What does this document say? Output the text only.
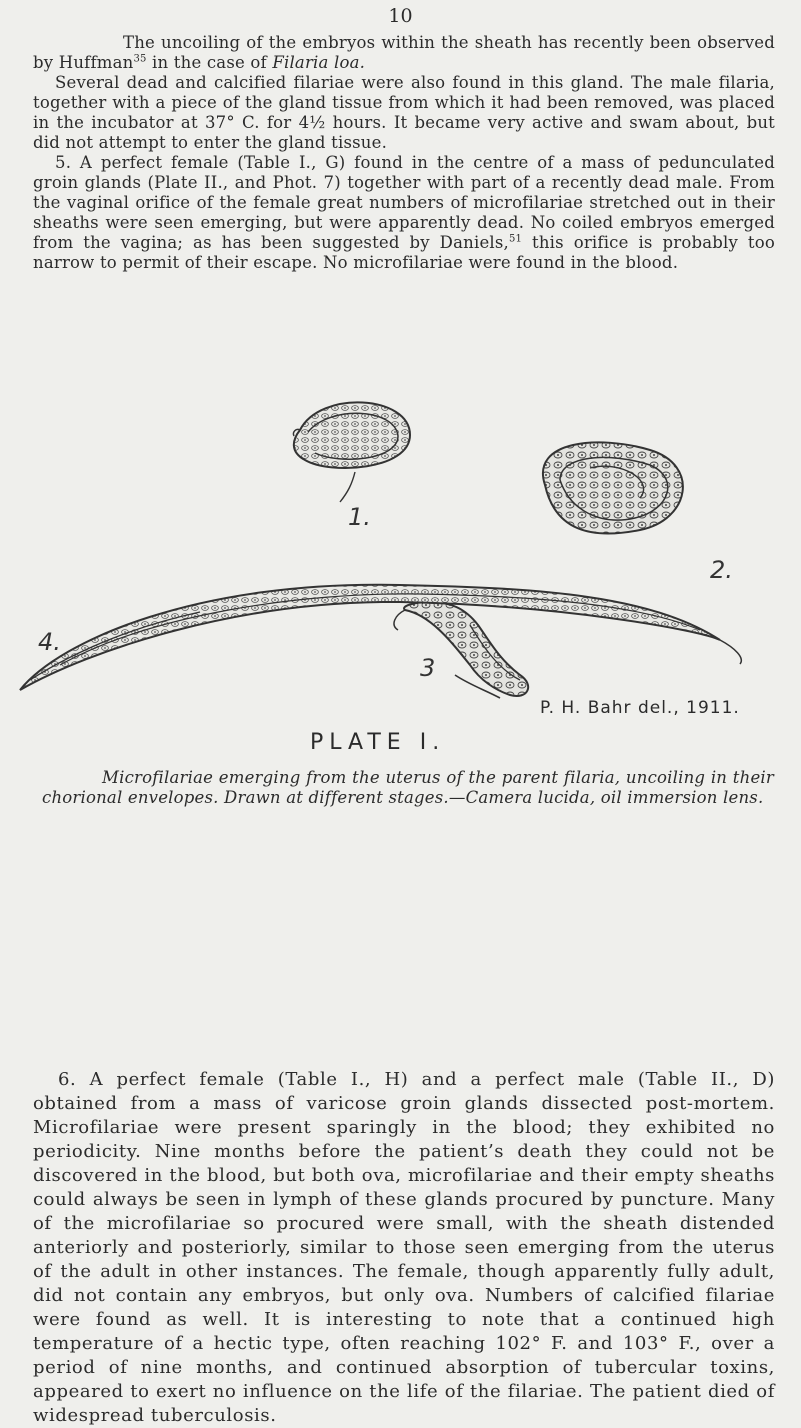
10

The uncoiling of the embryos within the sheath has recently been observed by Huffman$^{35}$ in the case of Filaria loa.

Several dead and calcified filariae were also found in this gland. The male filaria, together with a piece of the gland tissue from which it had been removed, was placed in the incubator at 37° C. for 4½ hours. It became very active and swam about, but did not attempt to enter the gland tissue.

5. A perfect female (Table I., G) found in the centre of a mass of pedunculated groin glands (Plate II., and Phot. 7) together with part of a recently dead male. From the vaginal orifice of the female great numbers of microfilariae stretched out in their sheaths were seen emerging, but were apparently dead. No coiled embryos emerged from the vagina; as has been suggested by Daniels,$^{51}$ this orifice is probably too narrow to permit of their escape. No microfilariae were found in the blood.

1.
2.
3
4.
P. H. Bahr del., 1911.
PLATE I.
Microfilariae emerging from the uterus of the parent filaria, uncoiling in their chorional envelopes. Drawn at different stages.—Camera lucida, oil immersion lens.

6. A perfect female (Table I., H) and a perfect male (Table II., D) obtained from a mass of varicose groin glands dissected post-mortem. Microfilariae were present sparingly in the blood; they exhibited no periodicity. Nine months before the patient’s death they could not be discovered in the blood, but both ova, microfilariae and their empty sheaths could always be seen in lymph of these glands procured by puncture. Many of the microfilariae so procured were small, with the sheath distended anteriorly and posteriorly, similar to those seen emerging from the uterus of the adult in other instances. The female, though apparently fully adult, did not contain any embryos, but only ova. Numbers of calcified filariae were found as well. It is interesting to note that a continued high temperature of a hectic type, often reaching 102° F. and 103° F., over a period of nine months, and continued absorption of tubercular toxins, appeared to exert no influence on the life of the filariae. The patient died of widespread tuberculosis.
